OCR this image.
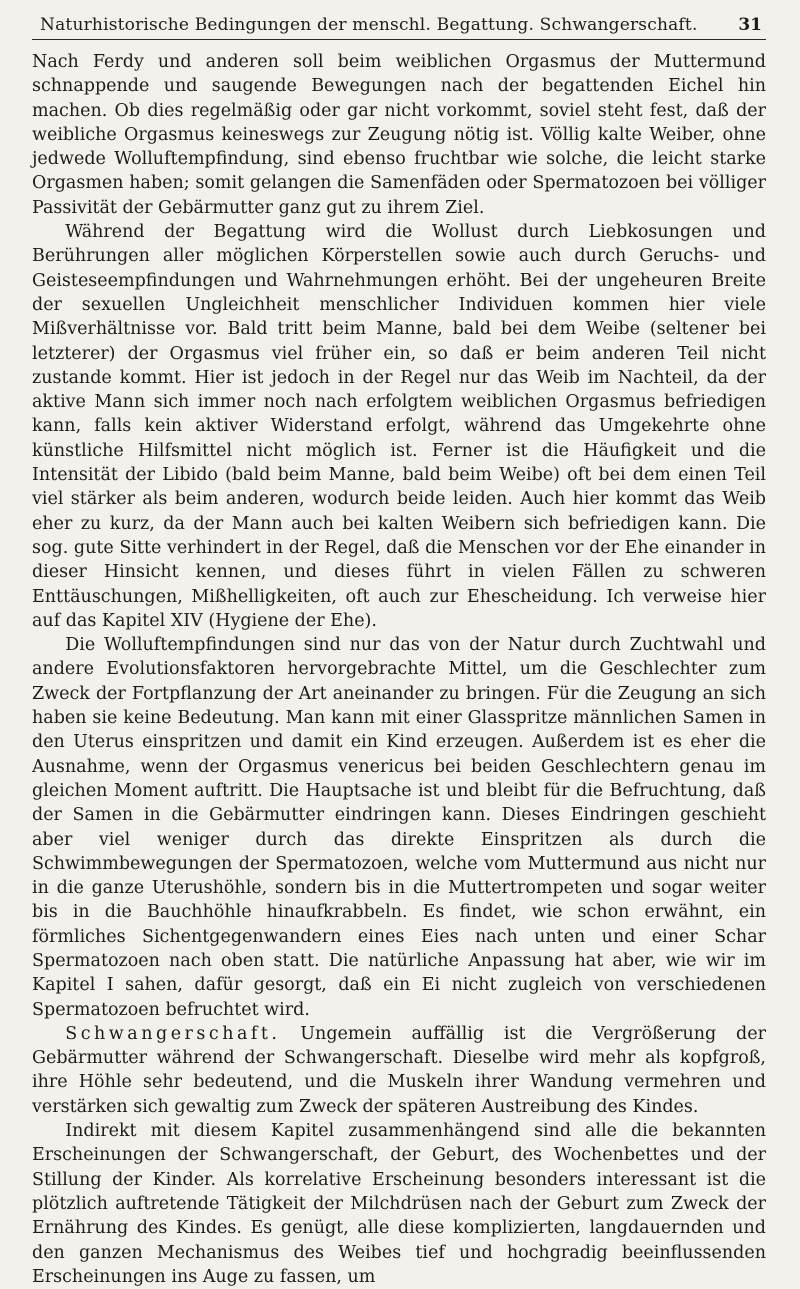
Naturhistorische Bedingungen der menschl. Begattung. Schwangerschaft. 31

Nach Ferdy und anderen soll beim weiblichen Orgasmus der Muttermund schnappende und saugende Bewegungen nach der begattenden Eichel hin machen. Ob dies regelmäßig oder gar nicht vorkommt, soviel steht fest, daß der weibliche Orgasmus keineswegs zur Zeugung nötig ist. Völlig kalte Weiber, ohne jedwede Wolluftempfindung, sind ebenso fruchtbar wie solche, die leicht starke Orgasmen haben; somit gelangen die Samenfäden oder Spermatozoen bei völliger Passivität der Gebärmutter ganz gut zu ihrem Ziel.

Während der Begattung wird die Wollust durch Liebkosungen und Berührungen aller möglichen Körperstellen sowie auch durch Geruchs- und Geisteseempfindungen und Wahrnehmungen erhöht. Bei der ungeheuren Breite der sexuellen Ungleichheit menschlicher Individuen kommen hier viele Mißverhältnisse vor. Bald tritt beim Manne, bald bei dem Weibe (seltener bei letzterer) der Orgasmus viel früher ein, so daß er beim anderen Teil nicht zustande kommt. Hier ist jedoch in der Regel nur das Weib im Nachteil, da der aktive Mann sich immer noch nach erfolgtem weiblichen Orgasmus befriedigen kann, falls kein aktiver Widerstand erfolgt, während das Umgekehrte ohne künstliche Hilfsmittel nicht möglich ist. Ferner ist die Häufigkeit und die Intensität der Libido (bald beim Manne, bald beim Weibe) oft bei dem einen Teil viel stärker als beim anderen, wodurch beide leiden. Auch hier kommt das Weib eher zu kurz, da der Mann auch bei kalten Weibern sich befriedigen kann. Die sog. gute Sitte verhindert in der Regel, daß die Menschen vor der Ehe einander in dieser Hinsicht kennen, und dieses führt in vielen Fällen zu schweren Enttäuschungen, Mißhelligkeiten, oft auch zur Ehescheidung. Ich verweise hier auf das Kapitel XIV (Hygiene der Ehe).

Die Wolluftempfindungen sind nur das von der Natur durch Zuchtwahl und andere Evolutionsfaktoren hervorgebrachte Mittel, um die Geschlechter zum Zweck der Fortpflanzung der Art aneinander zu bringen. Für die Zeugung an sich haben sie keine Bedeutung. Man kann mit einer Glasspritze männlichen Samen in den Uterus einspritzen und damit ein Kind erzeugen. Außerdem ist es eher die Ausnahme, wenn der Orgasmus venericus bei beiden Geschlechtern genau im gleichen Moment auftritt. Die Hauptsache ist und bleibt für die Befruchtung, daß der Samen in die Gebärmutter eindringen kann. Dieses Eindringen geschieht aber viel weniger durch das direkte Einspritzen als durch die Schwimmbewegungen der Spermatozoen, welche vom Muttermund aus nicht nur in die ganze Uterushöhle, sondern bis in die Muttertrompeten und sogar weiter bis in die Bauchhöhle hinaufkrabbeln. Es findet, wie schon erwähnt, ein förmliches Sichentgegenwandern eines Eies nach unten und einer Schar Spermatozoen nach oben statt. Die natürliche Anpassung hat aber, wie wir im Kapitel I sahen, dafür gesorgt, daß ein Ei nicht zugleich von verschiedenen Spermatozoen befruchtet wird.

Schwangerschaft. Ungemein auffällig ist die Vergrößerung der Gebärmutter während der Schwangerschaft. Dieselbe wird mehr als kopfgroß, ihre Höhle sehr bedeutend, und die Muskeln ihrer Wandung vermehren und verstärken sich gewaltig zum Zweck der späteren Austreibung des Kindes.

Indirekt mit diesem Kapitel zusammenhängend sind alle die bekannten Erscheinungen der Schwangerschaft, der Geburt, des Wochenbettes und der Stillung der Kinder. Als korrelative Erscheinung besonders interessant ist die plötzlich auftretende Tätigkeit der Milchdrüsen nach der Geburt zum Zweck der Ernährung des Kindes. Es genügt, alle diese komplizierten, langdauernden und den ganzen Mechanismus des Weibes tief und hochgradig beeinflussenden Erscheinungen ins Auge zu fassen, um
